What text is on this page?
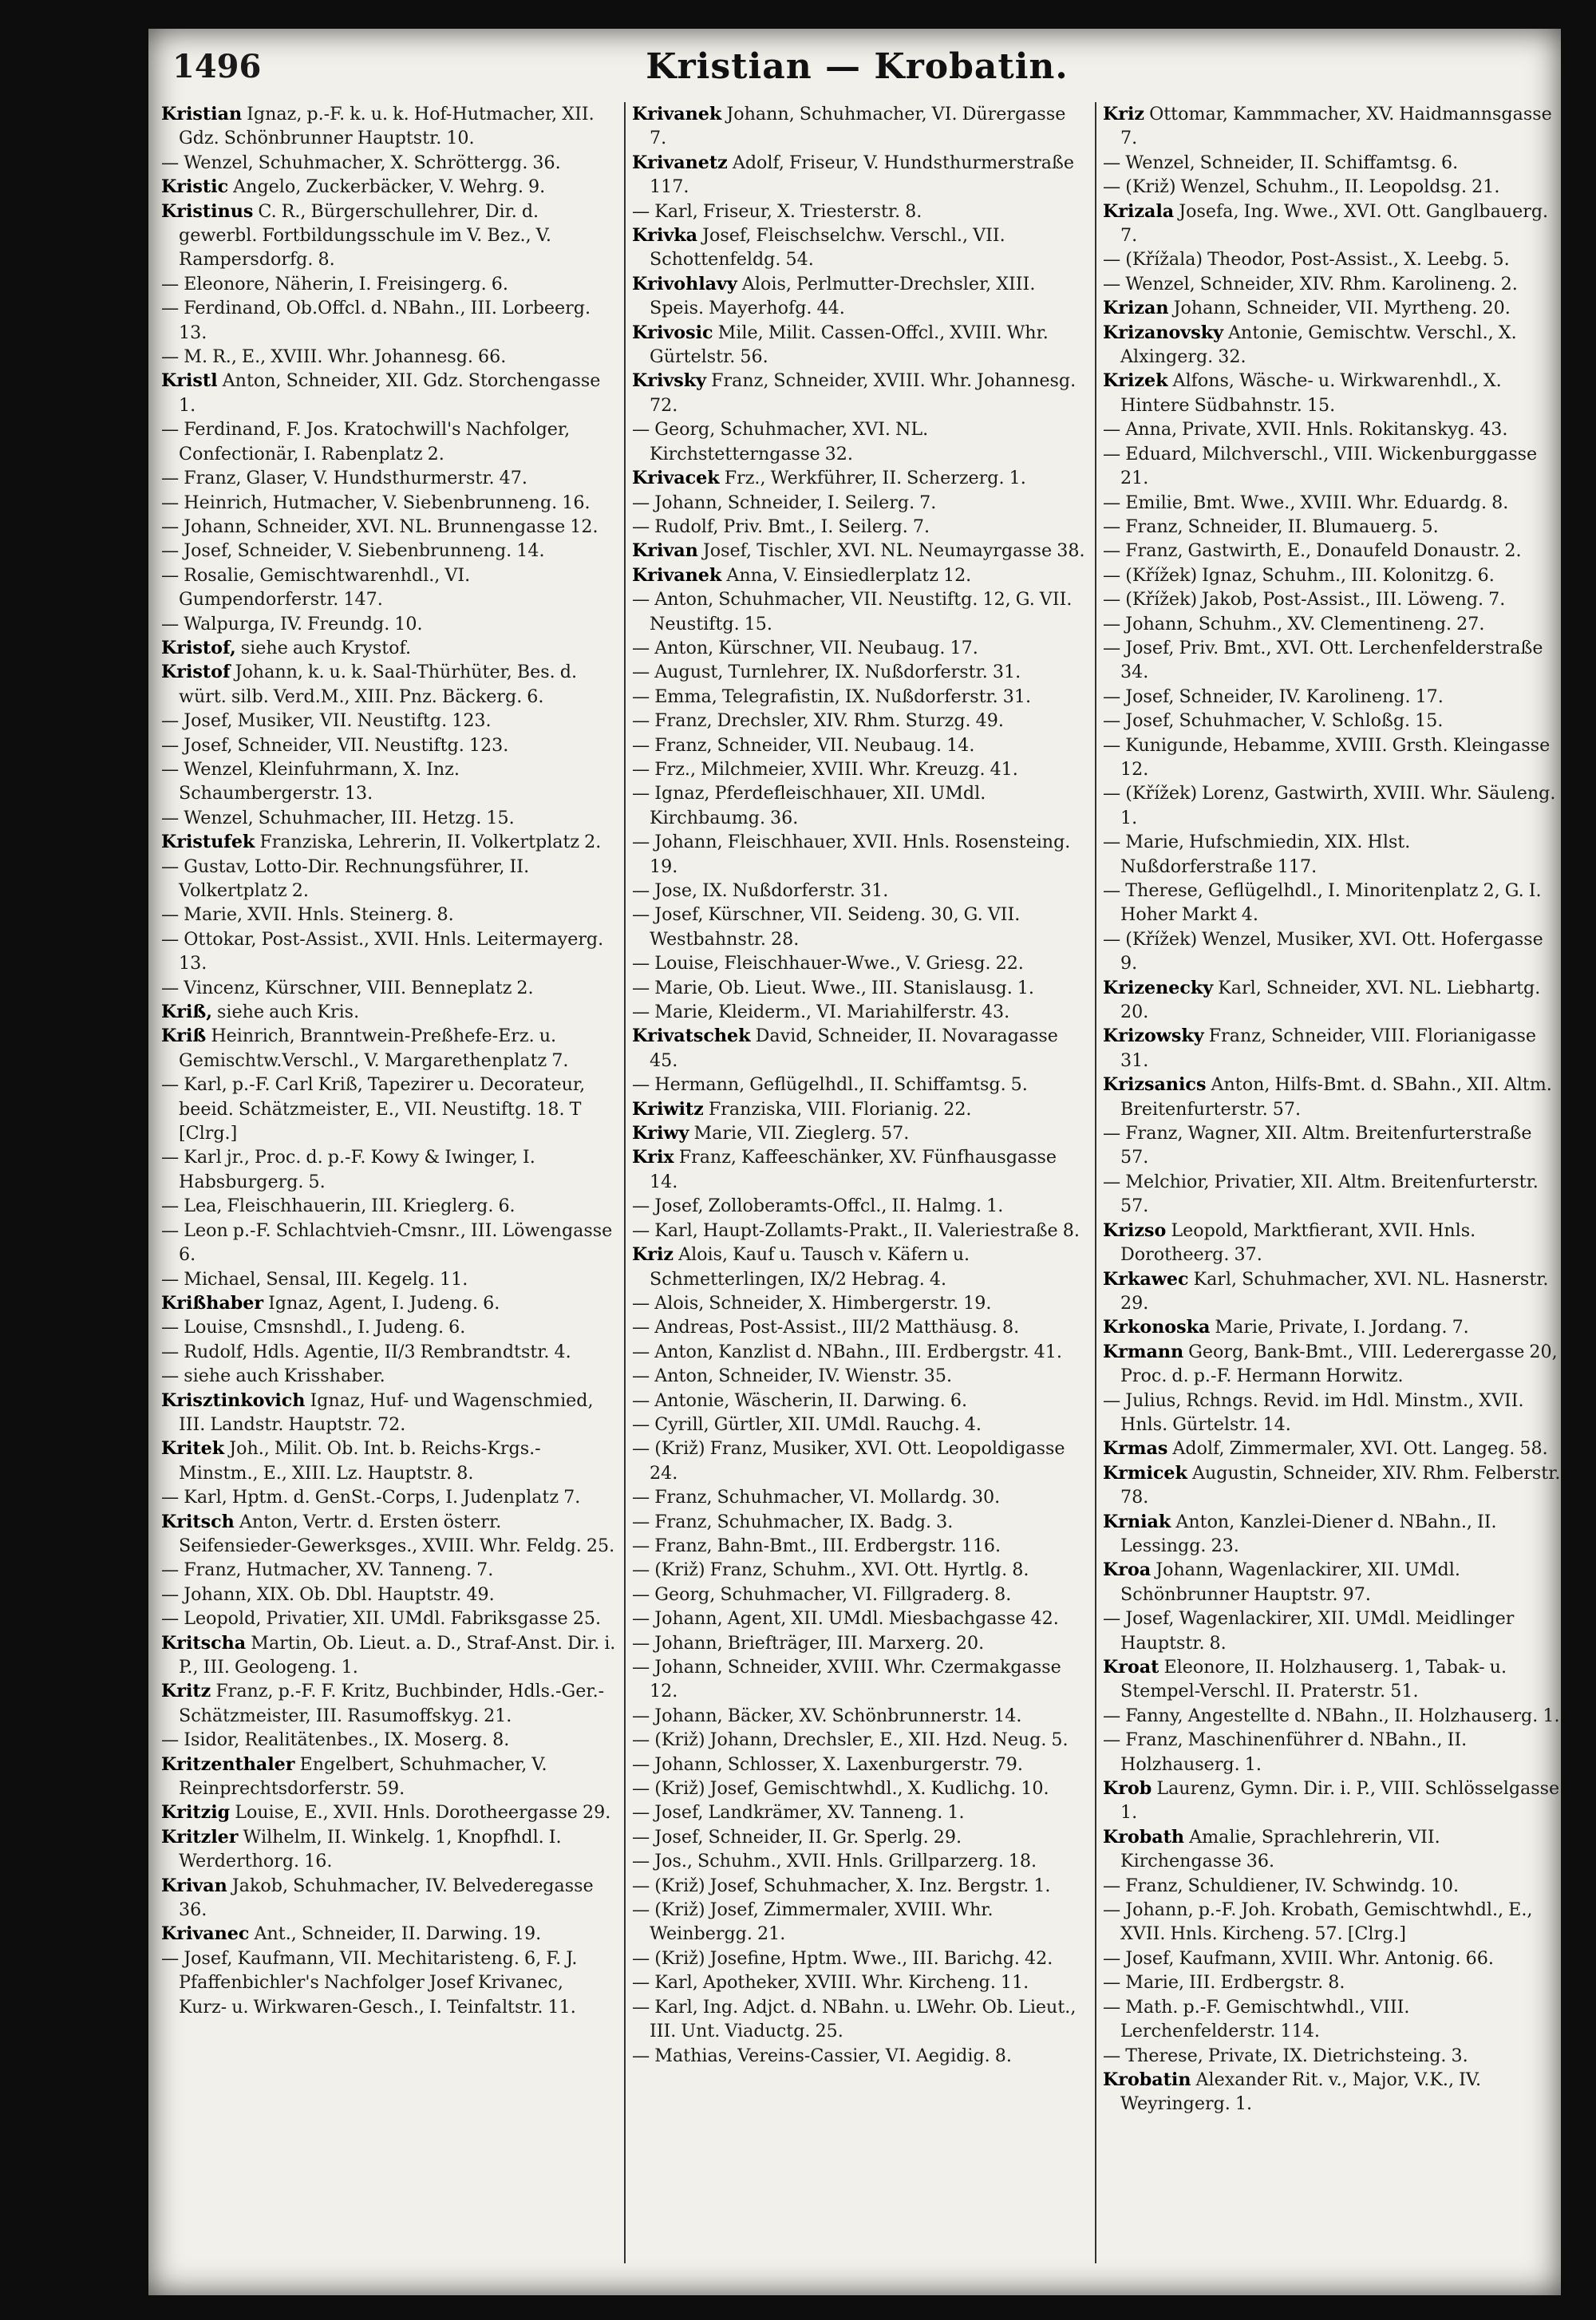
1496	Kristian — Krobatin.
Kristian Ignaz, p.-F. k. u. k. Hof-Hutmacher, XII. Gdz. Schönbrunner Hauptstr. 10.
— Wenzel, Schuhmacher, X. Schröttergg. 36.
Kristic Angelo, Zuckerbäcker, V. Wehrg. 9.
Kristinus C. R., Bürgerschullehrer, Dir. d. gewerbl. Fortbildungsschule im V. Bez., V. Rampersdorfg. 8.
— Eleonore, Näherin, I. Freisingerg. 6.
— Ferdinand, Ob.Offcl. d. NBahn., III. Lorbeerg. 13.
— M. R., E., XVIII. Whr. Johannesg. 66.
Kristl Anton, Schneider, XII. Gdz. Storchengasse 1.
— Ferdinand, F. Jos. Kratochwill's Nachfolger, Confectionär, I. Rabenplatz 2.
— Franz, Glaser, V. Hundsthurmerstr. 47.
— Heinrich, Hutmacher, V. Siebenbrunneng. 16.
— Johann, Schneider, XVI. NL. Brunnengasse 12.
— Josef, Schneider, V. Siebenbrunneng. 14.
— Rosalie, Gemischtwarenhdl., VI. Gumpendorferstr. 147.
— Walpurga, IV. Freundg. 10.
Kristof, siehe auch Krystof.
Kristof Johann, k. u. k. Saal-Thürhüter, Bes. d. würt. silb. Verd.M., XIII. Pnz. Bäckerg. 6.
— Josef, Musiker, VII. Neustiftg. 123.
— Josef, Schneider, VII. Neustiftg. 123.
— Wenzel, Kleinfuhrmann, X. Inz. Schaumbergerstr. 13.
— Wenzel, Schuhmacher, III. Hetzg. 15.
Kristufek Franziska, Lehrerin, II. Volkertplatz 2.
— Gustav, Lotto-Dir. Rechnungsführer, II. Volkertplatz 2.
— Marie, XVII. Hnls. Steinerg. 8.
— Ottokar, Post-Assist., XVII. Hnls. Leitermayerg. 13.
— Vincenz, Kürschner, VIII. Benneplatz 2.
Kriß, siehe auch Kris.
Kriß Heinrich, Branntwein-Preßhefe-Erz. u. Gemischtw.Verschl., V. Margarethenplatz 7.
— Karl, p.-F. Carl Kriß, Tapezirer u. Decorateur, beeid. Schätzmeister, E., VII. Neustiftg. 18. T [Clrg.]
— Karl jr., Proc. d. p.-F. Kowy & Iwinger, I. Habsburgerg. 5.
— Lea, Fleischhauerin, III. Krieglerg. 6.
— Leon p.-F. Schlachtvieh-Cmsnr., III. Löwengasse 6.
— Michael, Sensal, III. Kegelg. 11.
Krißhaber Ignaz, Agent, I. Judeng. 6.
— Louise, Cmsnshdl., I. Judeng. 6.
— Rudolf, Hdls. Agentie, II/3 Rembrandtstr. 4.
— siehe auch Krisshaber.
Krisztinkovich Ignaz, Huf- und Wagenschmied, III. Landstr. Hauptstr. 72.
Kritek Joh., Milit. Ob. Int. b. Reichs-Krgs.-Minstm., E., XIII. Lz. Hauptstr. 8.
— Karl, Hptm. d. GenSt.-Corps, I. Judenplatz 7.
Kritsch Anton, Vertr. d. Ersten österr. Seifensieder-Gewerksges., XVIII. Whr. Feldg. 25.
— Franz, Hutmacher, XV. Tanneng. 7.
— Johann, XIX. Ob. Dbl. Hauptstr. 49.
— Leopold, Privatier, XII. UMdl. Fabriksgasse 25.
Kritscha Martin, Ob. Lieut. a. D., Straf-Anst. Dir. i. P., III. Geologeng. 1.
Kritz Franz, p.-F. F. Kritz, Buchbinder, Hdls.-Ger.-Schätzmeister, III. Rasumoffskyg. 21.
— Isidor, Realitätenbes., IX. Moserg. 8.
Kritzenthaler Engelbert, Schuhmacher, V. Reinprechtsdorferstr. 59.
Kritzig Louise, E., XVII. Hnls. Dorotheergasse 29.
Kritzler Wilhelm, II. Winkelg. 1, Knopfhdl. I. Werderthorg. 16.
Krivan Jakob, Schuhmacher, IV. Belvederegasse 36.
Krivanec Ant., Schneider, II. Darwing. 19.
— Josef, Kaufmann, VII. Mechitaristeng. 6, F. J. Pfaffenbichler's Nachfolger Josef Krivanec, Kurz- u. Wirkwaren-Gesch., I. Teinfaltstr. 11.
Krivanek Johann, Schuhmacher, VI. Dürergasse 7.
Krivanetz Adolf, Friseur, V. Hundsthurmerstraße 117.
— Karl, Friseur, X. Triesterstr. 8.
Krivka Josef, Fleischselchw. Verschl., VII. Schottenfeldg. 54.
Krivohlavy Alois, Perlmutter-Drechsler, XIII. Speis. Mayerhofg. 44.
Krivosic Mile, Milit. Cassen-Offcl., XVIII. Whr. Gürtelstr. 56.
Krivsky Franz, Schneider, XVIII. Whr. Johannesg. 72.
— Georg, Schuhmacher, XVI. NL. Kirchstetterngasse 32.
Krivacek Frz., Werkführer, II. Scherzerg. 1.
— Johann, Schneider, I. Seilerg. 7.
— Rudolf, Priv. Bmt., I. Seilerg. 7.
Krivan Josef, Tischler, XVI. NL. Neumayrgasse 38.
Krivanek Anna, V. Einsiedlerplatz 12.
— Anton, Schuhmacher, VII. Neustiftg. 12, G. VII. Neustiftg. 15.
— Anton, Kürschner, VII. Neubaug. 17.
— August, Turnlehrer, IX. Nußdorferstr. 31.
— Emma, Telegrafistin, IX. Nußdorferstr. 31.
— Franz, Drechsler, XIV. Rhm. Sturzg. 49.
— Franz, Schneider, VII. Neubaug. 14.
— Frz., Milchmeier, XVIII. Whr. Kreuzg. 41.
— Ignaz, Pferdefleischhauer, XII. UMdl. Kirchbaumg. 36.
— Johann, Fleischhauer, XVII. Hnls. Rosensteing. 19.
— Jose, IX. Nußdorferstr. 31.
— Josef, Kürschner, VII. Seideng. 30, G. VII. Westbahnstr. 28.
— Louise, Fleischhauer-Wwe., V. Griesg. 22.
— Marie, Ob. Lieut. Wwe., III. Stanislausg. 1.
— Marie, Kleiderm., VI. Mariahilferstr. 43.
Krivatschek David, Schneider, II. Novaragasse 45.
— Hermann, Geflügelhdl., II. Schiffamtsg. 5.
Kriwitz Franziska, VIII. Florianig. 22.
Kriwy Marie, VII. Zieglerg. 57.
Krix Franz, Kaffeeschänker, XV. Fünfhausgasse 14.
— Josef, Zolloberamts-Offcl., II. Halmg. 1.
— Karl, Haupt-Zollamts-Prakt., II. Valeriestraße 8.
Kriz Alois, Kauf u. Tausch v. Käfern u. Schmetterlingen, IX/2 Hebrag. 4.
— Alois, Schneider, X. Himbergerstr. 19.
— Andreas, Post-Assist., III/2 Matthäusg. 8.
— Anton, Kanzlist d. NBahn., III. Erdbergstr. 41.
— Anton, Schneider, IV. Wienstr. 35.
— Antonie, Wäscherin, II. Darwing. 6.
— Cyrill, Gürtler, XII. UMdl. Rauchg. 4.
— (Križ) Franz, Musiker, XVI. Ott. Leopoldigasse 24.
— Franz, Schuhmacher, VI. Mollardg. 30.
— Franz, Schuhmacher, IX. Badg. 3.
— Franz, Bahn-Bmt., III. Erdbergstr. 116.
— (Križ) Franz, Schuhm., XVI. Ott. Hyrtlg. 8.
— Georg, Schuhmacher, VI. Fillgraderg. 8.
— Johann, Agent, XII. UMdl. Miesbachgasse 42.
— Johann, Briefträger, III. Marxerg. 20.
— Johann, Schneider, XVIII. Whr. Czermakgasse 12.
— Johann, Bäcker, XV. Schönbrunnerstr. 14.
— (Križ) Johann, Drechsler, E., XII. Hzd. Neug. 5.
— Johann, Schlosser, X. Laxenburgerstr. 79.
— (Križ) Josef, Gemischtwhdl., X. Kudlichg. 10.
— Josef, Landkrämer, XV. Tanneng. 1.
— Josef, Schneider, II. Gr. Sperlg. 29.
— Jos., Schuhm., XVII. Hnls. Grillparzerg. 18.
— (Križ) Josef, Schuhmacher, X. Inz. Bergstr. 1.
— (Križ) Josef, Zimmermaler, XVIII. Whr. Weinbergg. 21.
— (Križ) Josefine, Hptm. Wwe., III. Barichg. 42.
— Karl, Apotheker, XVIII. Whr. Kircheng. 11.
— Karl, Ing. Adjct. d. NBahn. u. LWehr. Ob. Lieut., III. Unt. Viaductg. 25.
— Mathias, Vereins-Cassier, VI. Aegidig. 8.
Kriz Ottomar, Kammmacher, XV. Haidmannsgasse 7.
— Wenzel, Schneider, II. Schiffamtsg. 6.
— (Križ) Wenzel, Schuhm., II. Leopoldsg. 21.
Krizala Josefa, Ing. Wwe., XVI. Ott. Ganglbauerg. 7.
— (Křížala) Theodor, Post-Assist., X. Leebg. 5.
— Wenzel, Schneider, XIV. Rhm. Karolineng. 2.
Krizan Johann, Schneider, VII. Myrtheng. 20.
Krizanovsky Antonie, Gemischtw. Verschl., X. Alxingerg. 32.
Krizek Alfons, Wäsche- u. Wirkwarenhdl., X. Hintere Südbahnstr. 15.
— Anna, Private, XVII. Hnls. Rokitanskyg. 43.
— Eduard, Milchverschl., VIII. Wickenburggasse 21.
— Emilie, Bmt. Wwe., XVIII. Whr. Eduardg. 8.
— Franz, Schneider, II. Blumauerg. 5.
— Franz, Gastwirth, E., Donaufeld Donaustr. 2.
— (Křížek) Ignaz, Schuhm., III. Kolonitzg. 6.
— (Křížek) Jakob, Post-Assist., III. Löweng. 7.
— Johann, Schuhm., XV. Clementineng. 27.
— Josef, Priv. Bmt., XVI. Ott. Lerchenfelderstraße 34.
— Josef, Schneider, IV. Karolineng. 17.
— Josef, Schuhmacher, V. Schloßg. 15.
— Kunigunde, Hebamme, XVIII. Grsth. Kleingasse 12.
— (Křížek) Lorenz, Gastwirth, XVIII. Whr. Säuleng. 1.
— Marie, Hufschmiedin, XIX. Hlst. Nußdorferstraße 117.
— Therese, Geflügelhdl., I. Minoritenplatz 2, G. I. Hoher Markt 4.
— (Křížek) Wenzel, Musiker, XVI. Ott. Hofergasse 9.
Krizenecky Karl, Schneider, XVI. NL. Liebhartg. 20.
Krizowsky Franz, Schneider, VIII. Florianigasse 31.
Krizsanics Anton, Hilfs-Bmt. d. SBahn., XII. Altm. Breitenfurterstr. 57.
— Franz, Wagner, XII. Altm. Breitenfurterstraße 57.
— Melchior, Privatier, XII. Altm. Breitenfurterstr. 57.
Krizso Leopold, Marktfierant, XVII. Hnls. Dorotheerg. 37.
Krkawec Karl, Schuhmacher, XVI. NL. Hasnerstr. 29.
Krkonoska Marie, Private, I. Jordang. 7.
Krmann Georg, Bank-Bmt., VIII. Lederergasse 20, Proc. d. p.-F. Hermann Horwitz.
— Julius, Rchngs. Revid. im Hdl. Minstm., XVII. Hnls. Gürtelstr. 14.
Krmas Adolf, Zimmermaler, XVI. Ott. Langeg. 58.
Krmicek Augustin, Schneider, XIV. Rhm. Felberstr. 78.
Krniak Anton, Kanzlei-Diener d. NBahn., II. Lessingg. 23.
Kroa Johann, Wagenlackirer, XII. UMdl. Schönbrunner Hauptstr. 97.
— Josef, Wagenlackirer, XII. UMdl. Meidlinger Hauptstr. 8.
Kroat Eleonore, II. Holzhauserg. 1, Tabak- u. Stempel-Verschl. II. Praterstr. 51.
— Fanny, Angestellte d. NBahn., II. Holzhauserg. 1.
— Franz, Maschinenführer d. NBahn., II. Holzhauserg. 1.
Krob Laurenz, Gymn. Dir. i. P., VIII. Schlösselgasse 1.
Krobath Amalie, Sprachlehrerin, VII. Kirchengasse 36.
— Franz, Schuldiener, IV. Schwindg. 10.
— Johann, p.-F. Joh. Krobath, Gemischtwhdl., E., XVII. Hnls. Kircheng. 57. [Clrg.]
— Josef, Kaufmann, XVIII. Whr. Antonig. 66.
— Marie, III. Erdbergstr. 8.
— Math. p.-F. Gemischtwhdl., VIII. Lerchenfelderstr. 114.
— Therese, Private, IX. Dietrichsteing. 3.
Krobatin Alexander Rit. v., Major, V.K., IV. Weyringerg. 1.
